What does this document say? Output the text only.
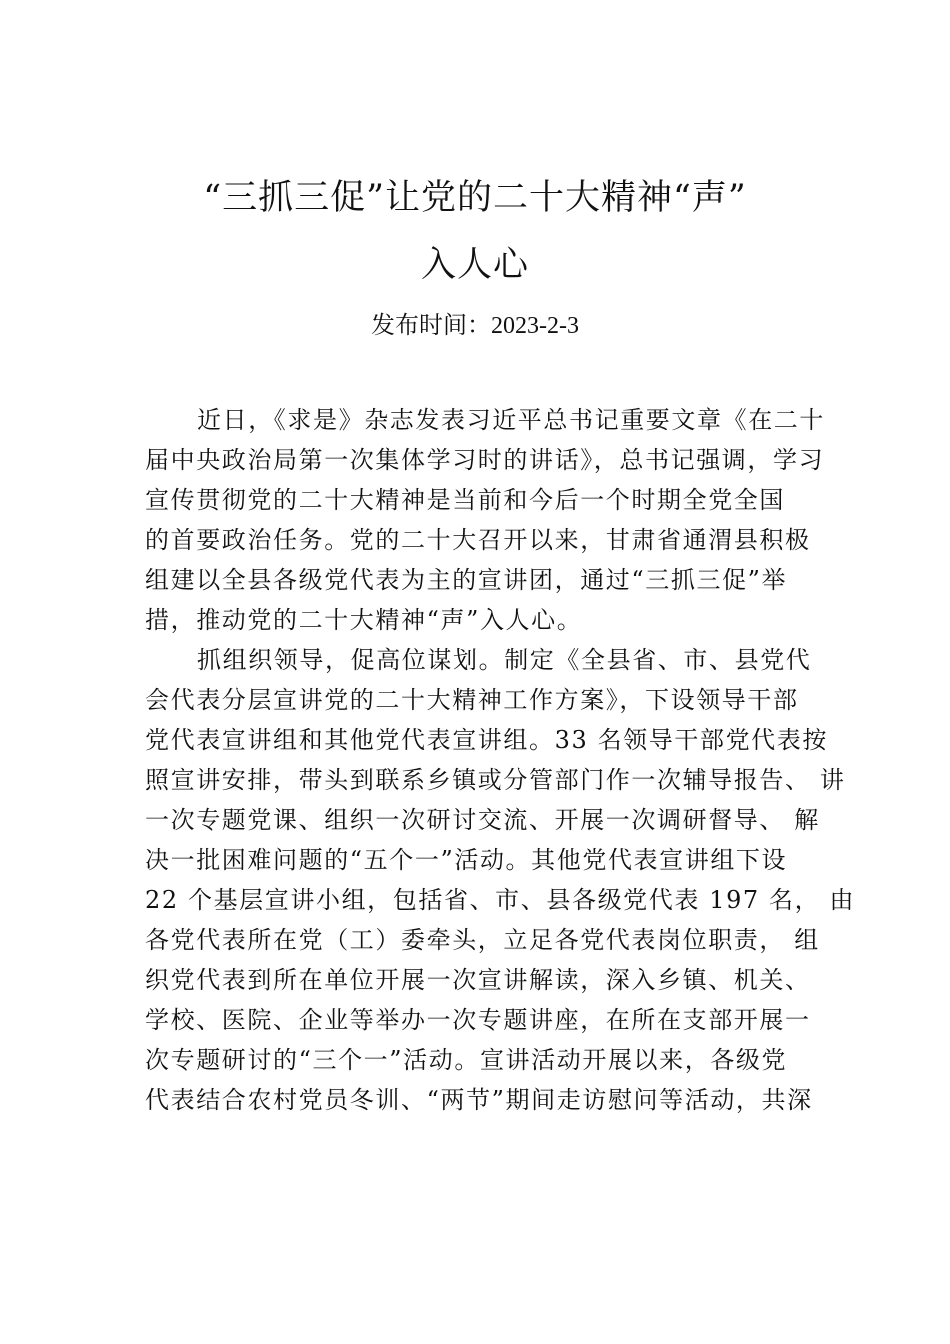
“三抓三促”让党的二十大精神“声”
入人心
发布时间：2023-2-3
近日，《求是》杂志发表习近平总书记重要文章《在二十
届中央政治局第一次集体学习时的讲话》，总书记强调，学习
宣传贯彻党的二十大精神是当前和今后一个时期全党全国
的首要政治任务。党的二十大召开以来，甘肃省通渭县积极
组建以全县各级党代表为主的宣讲团，通过“三抓三促”举
措，推动党的二十大精神“声”入人心。
抓组织领导，促高位谋划。制定《全县省、市、县党代
会代表分层宣讲党的二十大精神工作方案》，下设领导干部
党代表宣讲组和其他党代表宣讲组。33 名领导干部党代表按
照宣讲安排，带头到联系乡镇或分管部门作一次辅导报告、 讲
一次专题党课、组织一次研讨交流、开展一次调研督导、 解
决一批困难问题的“五个一”活动。其他党代表宣讲组下设
22 个基层宣讲小组，包括省、市、县各级党代表 197 名， 由
各党代表所在党（工）委牵头，立足各党代表岗位职责， 组
织党代表到所在单位开展一次宣讲解读，深入乡镇、机关、
学校、医院、企业等举办一次专题讲座，在所在支部开展一
次专题研讨的“三个一”活动。宣讲活动开展以来，各级党
代表结合农村党员冬训、“两节”期间走访慰问等活动，共深
